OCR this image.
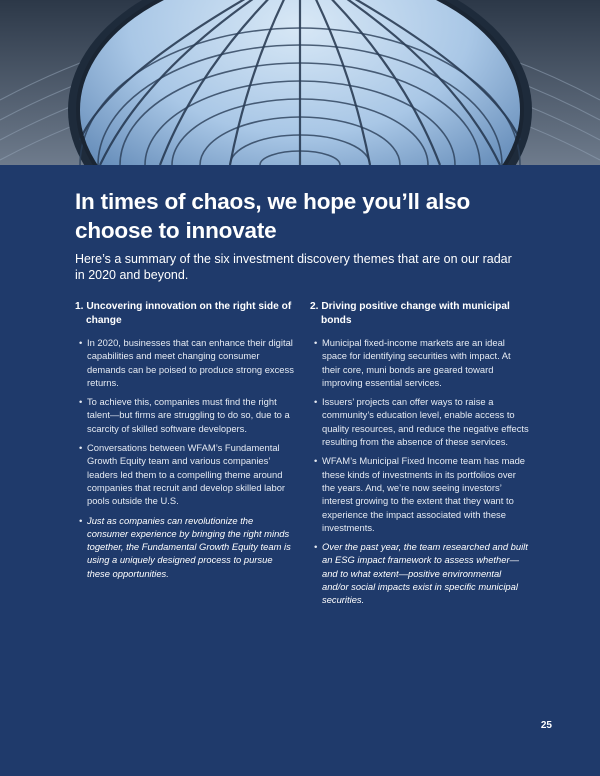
In times of chaos, we hope you’ll also choose to innovate

Here’s a summary of the six investment discovery themes that are on our radar in 2020 and beyond.

1. Uncovering innovation on the right side of change
• In 2020, businesses that can enhance their digital capabilities and meet changing consumer demands can be poised to produce strong excess returns.
• To achieve this, companies must find the right talent—but firms are struggling to do so, due to a scarcity of skilled software developers.
• Conversations between WFAM’s Fundamental Growth Equity team and various companies’ leaders led them to a compelling theme around companies that recruit and develop skilled labor pools outside the U.S.
• Just as companies can revolutionize the consumer experience by bringing the right minds together, the Fundamental Growth Equity team is using a uniquely designed process to pursue these opportunities.
2. Driving positive change with municipal bonds
• Municipal fixed-income markets are an ideal space for identifying securities with impact. At their core, muni bonds are geared toward improving essential services.
• Issuers’ projects can offer ways to raise a community’s education level, enable access to quality resources, and reduce the negative effects resulting from the absence of these services.
• WFAM’s Municipal Fixed Income team has made these kinds of investments in its portfolios over the years. And, we’re now seeing investors’ interest growing to the extent that they want to experience the impact associated with these investments.
• Over the past year, the team researched and built an ESG impact framework to assess whether—and to what extent—positive environmental and/or social impacts exist in specific municipal securities.
25
